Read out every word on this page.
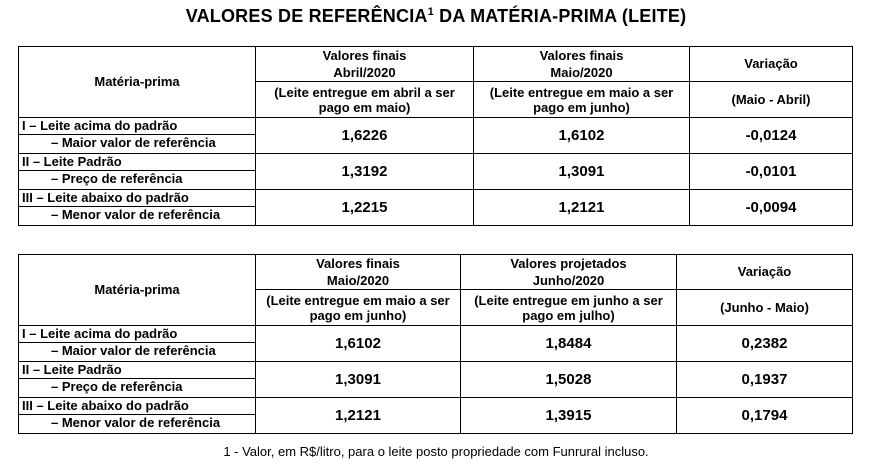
VALORES DE REFERÊNCIA$^1$ DA MATÉRIA-PRIMA (LEITE)
Matéria-prima	Valores finais	Valores finais	Variação
	Abril/2020	Maio/2020	
	(Leite entregue em abril a ser pago em maio)	(Leite entregue em maio a ser pago em junho)	(Maio - Abril)

I – Leite acima do padrão
– Maior valor de referência	1,6226	1,6102	-0,0124

II – Leite Padrão
– Preço de referência	1,3192	1,3091	-0,0101

III – Leite abaixo do padrão
– Menor valor de referência	1,2215	1,2121	-0,0094
Matéria-prima	Valores finais	Valores projetados	Variação
	Maio/2020	Junho/2020	
	(Leite entregue em maio a ser pago em junho)	(Leite entregue em junho a ser pago em julho)	(Junho - Maio)

I – Leite acima do padrão
– Maior valor de referência	1,6102	1,8484	0,2382

II – Leite Padrão
– Preço de referência	1,3091	1,5028	0,1937

III – Leite abaixo do padrão
– Menor valor de referência	1,2121	1,3915	0,1794
1 - Valor, em R$/litro, para o leite posto propriedade com Funrural incluso.
